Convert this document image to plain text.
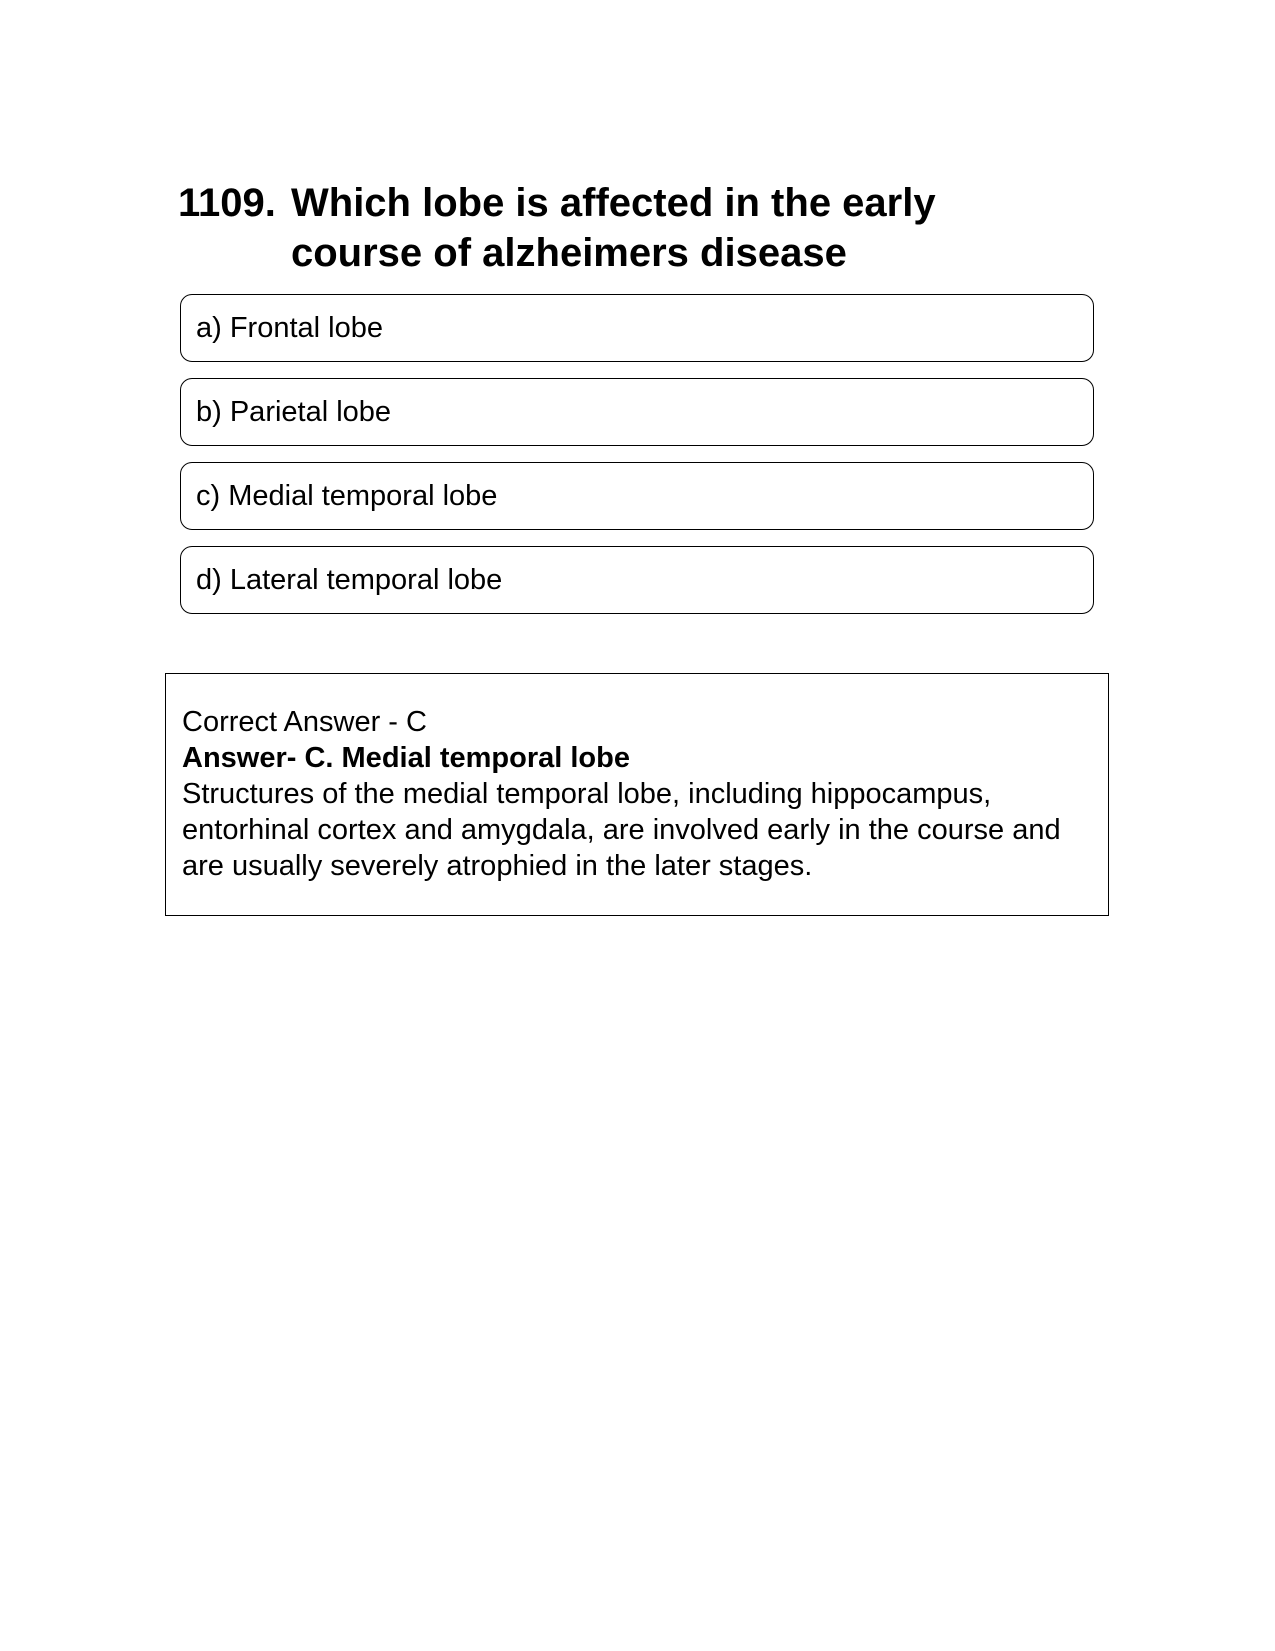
1109. Which lobe is affected in the early course of alzheimers disease
a) Frontal lobe
b) Parietal lobe
c) Medial temporal lobe
d) Lateral temporal lobe
Correct Answer - C
Answer- C. Medial temporal lobe
Structures of the medial temporal lobe, including hippocampus, entorhinal cortex and amygdala, are involved early in the course and are usually severely atrophied in the later stages.
